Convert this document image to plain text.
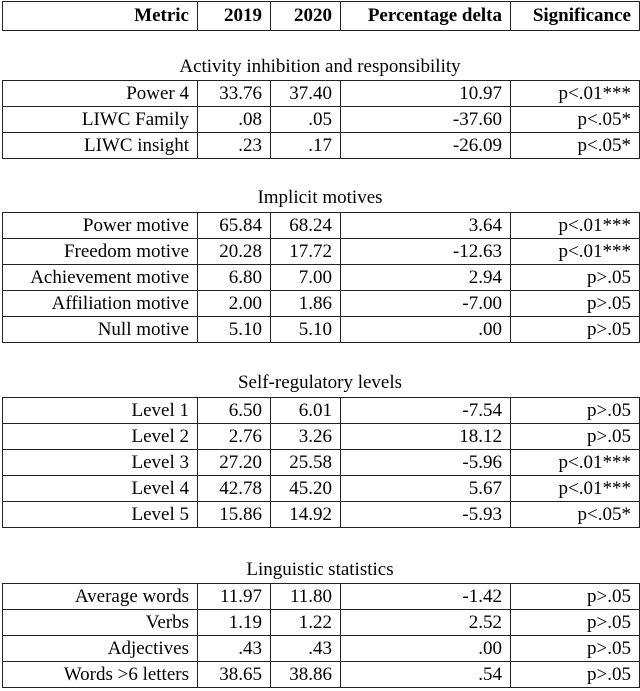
Metric	2019	2020	Percentage delta	Significance
Activity inhibition and responsibility
Power 4	33.76	37.40	10.97	p<.01***
LIWC Family	.08	.05	-37.60	p<.05*
LIWC insight	.23	.17	-26.09	p<.05*
Implicit motives
Power motive	65.84	68.24	3.64	p<.01***
Freedom motive	20.28	17.72	-12.63	p<.01***
Achievement motive	6.80	7.00	2.94	p>.05
Affiliation motive	2.00	1.86	-7.00	p>.05
Null motive	5.10	5.10	.00	p>.05
Self-regulatory levels
Level 1	6.50	6.01	-7.54	p>.05
Level 2	2.76	3.26	18.12	p>.05
Level 3	27.20	25.58	-5.96	p<.01***
Level 4	42.78	45.20	5.67	p<.01***
Level 5	15.86	14.92	-5.93	p<.05*
Linguistic statistics
Average words	11.97	11.80	-1.42	p>.05
Verbs	1.19	1.22	2.52	p>.05
Adjectives	.43	.43	.00	p>.05
Words >6 letters	38.65	38.86	.54	p>.05
